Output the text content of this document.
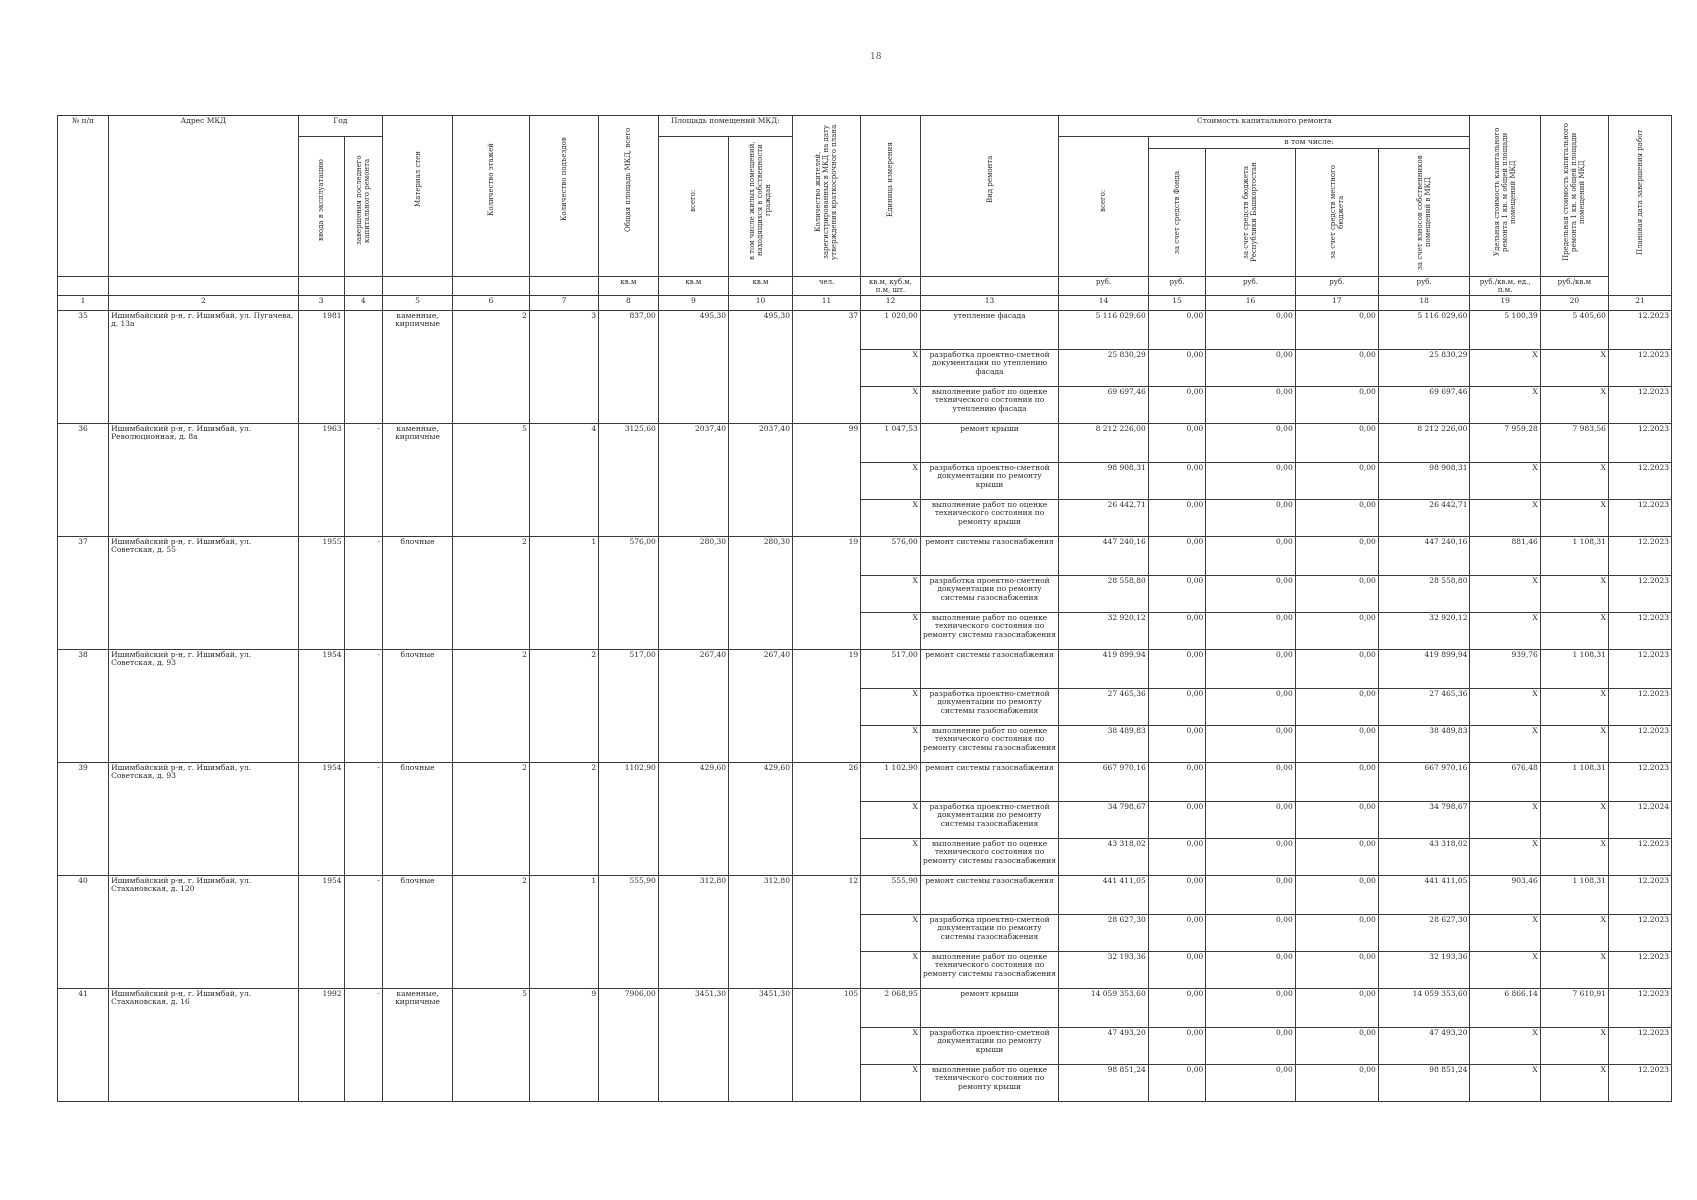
18
№ п/п	Адрес МКД	Год		Материал стен	Количество этажей	Количество подъездов	Общая площадь МКД, всего	Площадь помещений МКД:		Количество жителей, зарегистрированных в МКД на дату утверждения краткосрочного плана	Единица измерения	Вид ремонта	Стоимость капитального ремонта					Удельная стоимость капитального ремонта 1 кв. м общей площади помещений МКД	Предельная стоимость капитального ремонта 1 кв. м общей площади помещений МКД	Плановая дата завершения работ

		ввода в эксплуатацию	завершения последнего капитального ремонта					всего:	в том числе жилых помещений, находящихся в собственности граждан				всего:	в том числе:						

														за счет средств Фонда	за счет средств бюджета Республики Башкортостан	за счет средств местного бюджета	за счет взносов собственников помещений в МКД			

							кв.м	кв.м	кв.м	чел.	кв.м, куб.м, п.м, шт.		руб.	руб.	руб.	руб.	руб.	руб./кв.м, ед., п.м.	руб./кв.м	
1	2	3	4	5	6	7	8	9	10	11	12	13	14	15	16	17	18	19	20	21
35	Ишимбайский р-н, г. Ишимбай, ул. Пугачева, д. 13а	1981		каменные, кирпичные	2	3	837,00	495,30	495,30	37	1 020,00	утепление фасада	5 116 029,60	0,00	0,00	0,00	5 116 029,60	5 100,39	5 405,60	12.2023
											X	разработка проектно-сметной документации по утеплению фасада	25 830,29	0,00	0,00	0,00	25 830,29	X	X	12.2023
											X	выполнение работ по оценке технического состояния по утеплению фасада	69 697,46	0,00	0,00	0,00	69 697,46	X	X	12.2023
36	Ишимбайский р-н, г. Ишимбай, ул. Революционная, д. 8а	1963	-	каменные, кирпичные	5	4	3125,60	2037,40	2037,40	99	1 047,53	ремонт крыши	8 212 226,00	0,00	0,00	0,00	8 212 226,00	7 959,28	7 983,56	12.2023
											X	разработка проектно-сметной документации по ремонту крыши	98 908,31	0,00	0,00	0,00	98 908,31	X	X	12.2023
											X	выполнение работ по оценке технического состояния по ремонту крыши	26 442,71	0,00	0,00	0,00	26 442,71	X	X	12.2023
37	Ишимбайский р-н, г. Ишимбай, ул. Советская, д. 55	1955	-	блочные	2	1	576,00	280,30	280,30	19	576,00	ремонт системы газоснабжения	447 240,16	0,00	0,00	0,00	447 240,16	881,46	1 108,31	12.2023
											X	разработка проектно-сметной документации по ремонту системы газоснабжения	28 558,80	0,00	0,00	0,00	28 558,80	X	X	12.2023
											X	выполнение работ по оценке технического состояния по ремонту системы газоснабжения	32 920,12	0,00	0,00	0,00	32 920,12	X	X	12.2023
38	Ишимбайский р-н, г. Ишимбай, ул. Советская, д. 93	1954	-	блочные	2	2	517,00	267,40	267,40	19	517,00	ремонт системы газоснабжения	419 899,94	0,00	0,00	0,00	419 899,94	939,76	1 108,31	12.2023
											X	разработка проектно-сметной документации по ремонту системы газоснабжения	27 465,36	0,00	0,00	0,00	27 465,36	X	X	12.2023
											X	выполнение работ по оценке технического состояния по ремонту системы газоснабжения	38 489,83	0,00	0,00	0,00	38 489,83	X	X	12.2023
39	Ишимбайский р-н, г. Ишимбай, ул. Советская, д. 93	1954	-	блочные	2	2	1102,90	429,60	429,60	26	1 102,90	ремонт системы газоснабжения	667 970,16	0,00	0,00	0,00	667 970,16	676,48	1 108,31	12.2023
											X	разработка проектно-сметной документации по ремонту системы газоснабжения	34 798,67	0,00	0,00	0,00	34 798,67	X	X	12.2024
											X	выполнение работ по оценке технического состояния по ремонту системы газоснабжения	43 318,02	0,00	0,00	0,00	43 318,02	X	X	12.2023
40	Ишимбайский р-н, г. Ишимбай, ул. Стахановская, д. 120	1954	-	блочные	2	1	555,90	312,80	312,80	12	555,90	ремонт системы газоснабжения	441 411,05	0,00	0,00	0,00	441 411,05	903,46	1 108,31	12.2023
											X	разработка проектно-сметной документации по ремонту системы газоснабжения	28 627,30	0,00	0,00	0,00	28 627,30	X	X	12.2023
											X	выполнение работ по оценке технического состояния по ремонту системы газоснабжения	32 193,36	0,00	0,00	0,00	32 193,36	X	X	12.2023
41	Ишимбайский р-н, г. Ишимбай, ул. Стахановская, д. 16	1992	-	каменные, кирпичные	5	9	7906,00	3451,30	3451,30	105	2 068,95	ремонт крыши	14 059 353,60	0,00	0,00	0,00	14 059 353,60	6 866,14	7 610,91	12.2023
											X	разработка проектно-сметной документации по ремонту крыши	47 493,20	0,00	0,00	0,00	47 493,20	X	X	12.2023
											X	выполнение работ по оценке технического состояния по ремонту крыши	98 851,24	0,00	0,00	0,00	98 851,24	X	X	12.2023
